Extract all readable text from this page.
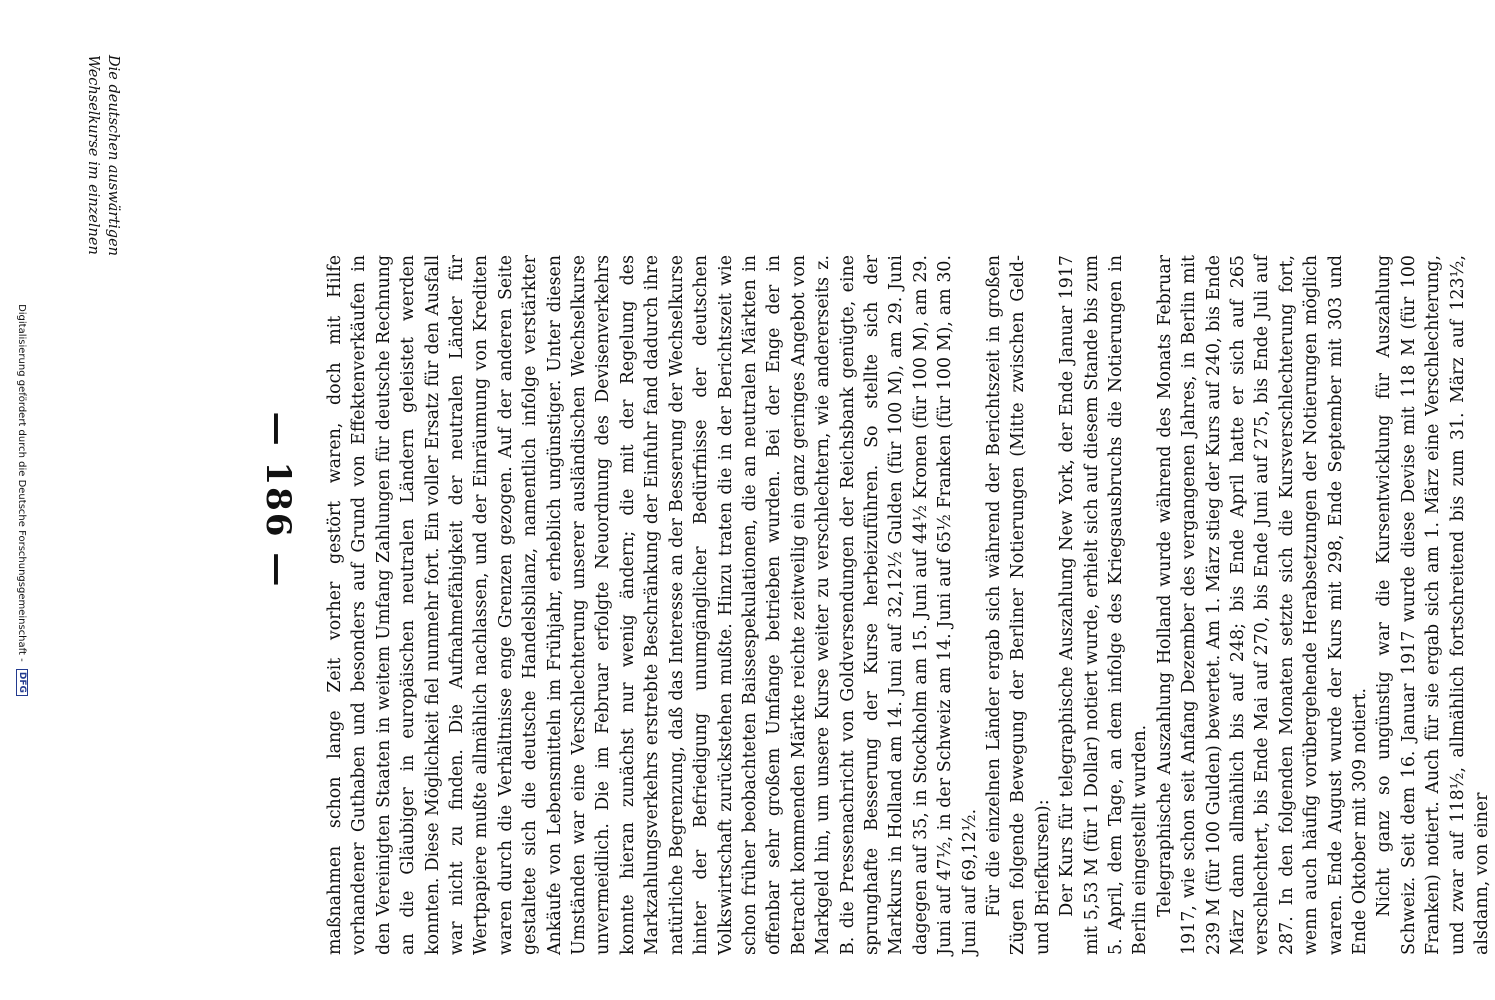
— 186 —
Die deutschen auswärtigen Wechselkurse im einzelnen

maßnahmen schon lange Zeit vorher gestört waren, doch mit Hilfe vorhandener Guthaben und besonders auf Grund von Effektenverkäufen in den Vereinigten Staaten in weitem Umfang Zahlungen für deutsche Rechnung an die Gläubiger in europäischen neutralen Ländern geleistet werden konnten. Diese Möglichkeit fiel nunmehr fort. Ein voller Ersatz für den Ausfall war nicht zu finden. Die Aufnahmefähigkeit der neutralen Länder für Wertpapiere mußte allmählich nachlassen, und der Einräumung von Krediten waren durch die Verhältnisse enge Grenzen gezogen. Auf der anderen Seite gestaltete sich die deutsche Handelsbilanz, namentlich infolge verstärkter Ankäufe von Lebensmitteln im Frühjahr, erheblich ungünstiger. Unter diesen Umständen war eine Verschlechterung unserer ausländischen Wechselkurse unvermeidlich. Die im Februar erfolgte Neuordnung des Devisenverkehrs konnte hieran zunächst nur wenig ändern; die mit der Regelung des Markzahlungsverkehrs erstrebte Beschränkung der Einfuhr fand dadurch ihre natürliche Begrenzung, daß das Interesse an der Besserung der Wechselkurse hinter der Befriedigung unumgänglicher Bedürfnisse der deutschen Volkswirtschaft zurückstehen mußte. Hinzu traten die in der Berichtszeit wie schon früher beobachteten Baissespekulationen, die an neutralen Märkten in offenbar sehr großem Umfange betrieben wurden. Bei der Enge der in Betracht kommenden Märkte reichte zeitweilig ein ganz geringes Angebot von Markgeld hin, um unsere Kurse weiter zu verschlechtern, wie andererseits z. B. die Pressenachricht von Goldversendungen der Reichsbank genügte, eine sprunghafte Besserung der Kurse herbeizuführen. So stellte sich der Markkurs in Holland am 14. Juni auf 32,12½ Gulden (für 100 M), am 29. Juni dagegen auf 35, in Stockholm am 15. Juni auf 44½ Kronen (für 100 M), am 29. Juni auf 47½, in der Schweiz am 14. Juni auf 65½ Franken (für 100 M), am 30. Juni auf 69,12½. Für die einzelnen Länder ergab sich während der Berichtszeit in großen Zügen folgende Bewegung der Berliner Notierungen (Mitte zwischen Geld- und Briefkursen): Der Kurs für telegraphische Auszahlung New York, der Ende Januar 1917 mit 5,53 M (für 1 Dollar) notiert wurde, erhielt sich auf diesem Stande bis zum 5. April, dem Tage, an dem infolge des Kriegsausbruchs die Notierungen in Berlin eingestellt wurden. Telegraphische Auszahlung Holland wurde während des Monats Februar 1917, wie schon seit Anfang Dezember des vergangenen Jahres, in Berlin mit 239 M (für 100 Gulden) bewertet. Am 1. März stieg der Kurs auf 240, bis Ende März dann allmählich bis auf 248; bis Ende April hatte er sich auf 265 verschlechtert, bis Ende Mai auf 270, bis Ende Juni auf 275, bis Ende Juli auf 287. In den folgenden Monaten setzte sich die Kursverschlechterung fort, wenn auch häufig vorübergehende Herabsetzungen der Notierungen möglich waren. Ende August wurde der Kurs mit 298, Ende September mit 303 und Ende Oktober mit 309 notiert. Nicht ganz so ungünstig war die Kursentwicklung für Auszahlung Schweiz. Seit dem 16. Januar 1917 wurde diese Devise mit 118 M (für 100 Franken) notiert. Auch für sie ergab sich am 1. März eine Verschlechterung, und zwar auf 118½, allmählich fortschreitend bis zum 31. März auf 123½, alsdann, von einer

Digitalisierung gefördert durch die Deutsche Forschungsgemeinschaft - DFG
